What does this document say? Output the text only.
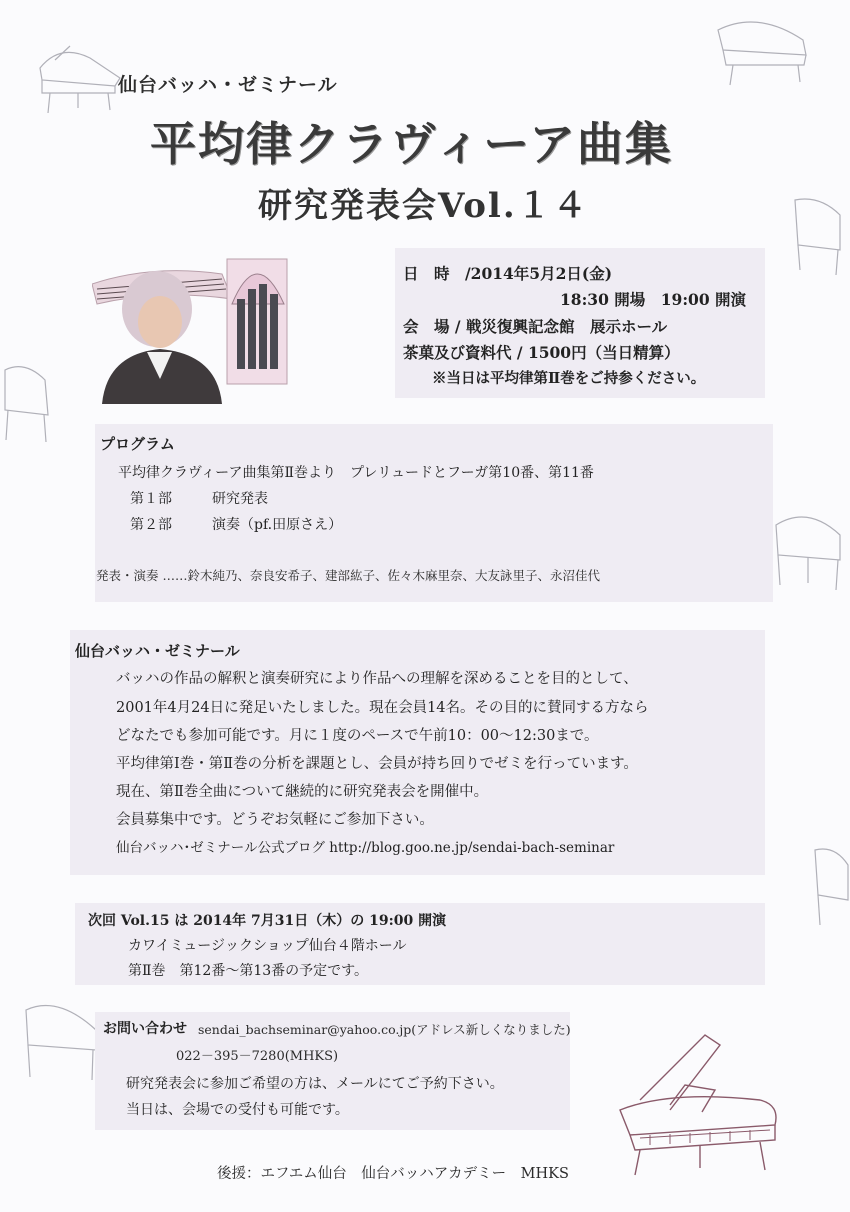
仙台バッハ・ゼミナール
平均律クラヴィーア曲集
研究発表会Vol.１４
日　時　/2014年5月2日(金)
18:30 開場　19:00 開演
会　場 / 戦災復興記念館　展示ホール
茶菓及び資料代 / 1500円（当日精算）
※当日は平均律第Ⅱ巻をご持参ください。
プログラム
平均律クラヴィーア曲集第Ⅱ巻より　プレリュードとフーガ第10番、第11番
第１部	研究発表
第２部	演奏（pf.田原さえ）
発表・演奏 ……鈴木純乃、奈良安希子、建部紘子、佐々木麻里奈、大友詠里子、永沼佳代
仙台バッハ・ゼミナール
バッハの作品の解釈と演奏研究により作品への理解を深めることを目的として、
2001年4月24日に発足いたしました。現在会員14名。その目的に賛同する方なら
どなたでも参加可能です。月に１度のペースで午前10：00～12:30まで。
平均律第Ⅰ巻・第Ⅱ巻の分析を課題とし、会員が持ち回りでゼミを行っています。
現在、第Ⅱ巻全曲について継続的に研究発表会を開催中。
会員募集中です。どうぞお気軽にご参加下さい。
仙台バッハ･ゼミナール公式ブログ http://blog.goo.ne.jp/sendai-bach-seminar
次回 Vol.15 は 2014年 7月31日（木）の 19:00 開演
カワイミュージックショップ仙台４階ホール
第Ⅱ巻　第12番～第13番の予定です。
お問い合わせ sendai_bachseminar@yahoo.co.jp(アドレス新しくなりました)
022－395－7280(MHKS)
研究発表会に参加ご希望の方は、メールにてご予約下さい。
当日は、会場での受付も可能です。
後援：エフエム仙台　仙台バッハアカデミー　MHKS
